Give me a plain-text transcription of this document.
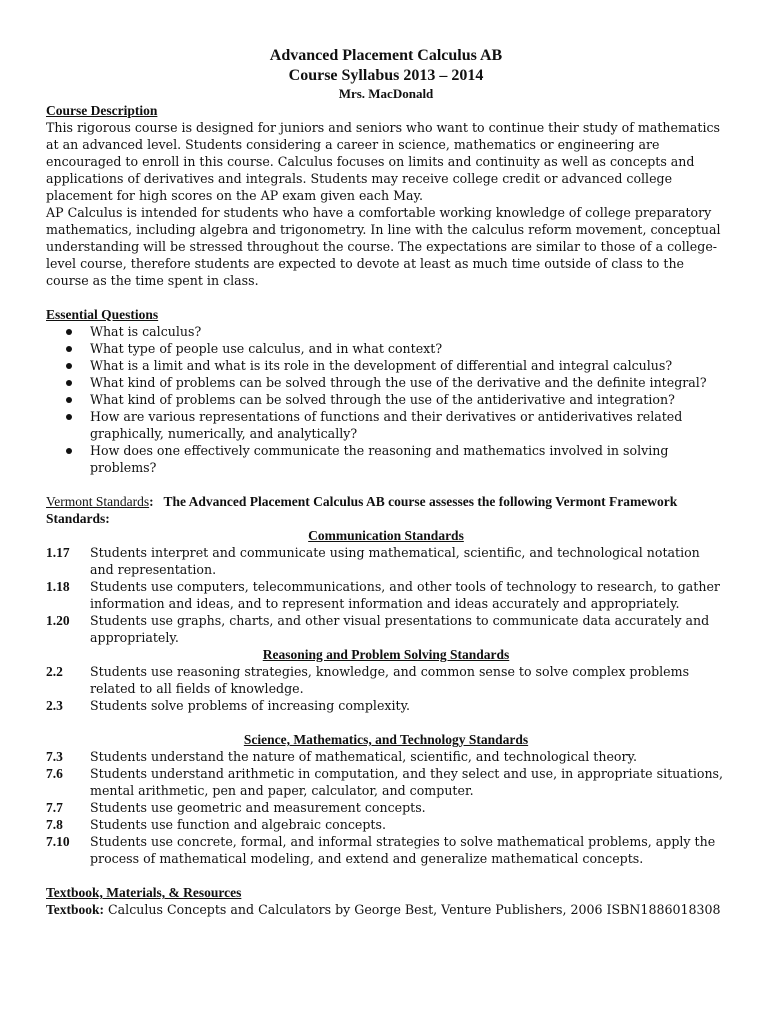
Advanced Placement Calculus AB
Course Syllabus 2013 – 2014
Mrs. MacDonald
Course Description

This rigorous course is designed for juniors and seniors who want to continue their study of mathematics at an advanced level. Students considering a career in science, mathematics or engineering are encouraged to enroll in this course. Calculus focuses on limits and continuity as well as concepts and applications of derivatives and integrals. Students may receive college credit or advanced college placement for high scores on the AP exam given each May.

AP Calculus is intended for students who have a comfortable working knowledge of college preparatory mathematics, including algebra and trigonometry. In line with the calculus reform movement, conceptual understanding will be stressed throughout the course. The expectations are similar to those of a college-level course, therefore students are expected to devote at least as much time outside of class to the course as the time spent in class.

Essential Questions
What is calculus?
What type of people use calculus, and in what context?
What is a limit and what is its role in the development of differential and integral calculus?
What kind of problems can be solved through the use of the derivative and the definite integral?
What kind of problems can be solved through the use of the antiderivative and integration?
How are various representations of functions and their derivatives or antiderivatives related graphically, numerically, and analytically?
How does one effectively communicate the reasoning and mathematics involved in solving problems?
Vermont Standards:   The Advanced Placement Calculus AB course assesses the following Vermont Framework Standards:
Communication Standards
1.17	Students interpret and communicate using mathematical, scientific, and technological notation and representation.
1.18	Students use computers, telecommunications, and other tools of technology to research, to gather information and ideas, and to represent information and ideas accurately and appropriately.
1.20	Students use graphs, charts, and other visual presentations to communicate data accurately and appropriately.
Reasoning and Problem Solving Standards
2.2	Students use reasoning strategies, knowledge, and common sense to solve complex problems related to all fields of knowledge.
2.3	Students solve problems of increasing complexity.
Science, Mathematics, and Technology Standards
7.3	Students understand the nature of mathematical, scientific, and technological theory.
7.6	Students understand arithmetic in computation, and they select and use, in appropriate situations, mental arithmetic, pen and paper, calculator, and computer.
7.7	Students use geometric and measurement concepts.
7.8	Students use function and algebraic concepts.
7.10	Students use concrete, formal, and informal strategies to solve mathematical problems, apply the process of mathematical modeling, and extend and generalize mathematical concepts.
Textbook, Materials, & Resources
Textbook: Calculus Concepts and Calculators by George Best, Venture Publishers, 2006 ISBN1886018308
